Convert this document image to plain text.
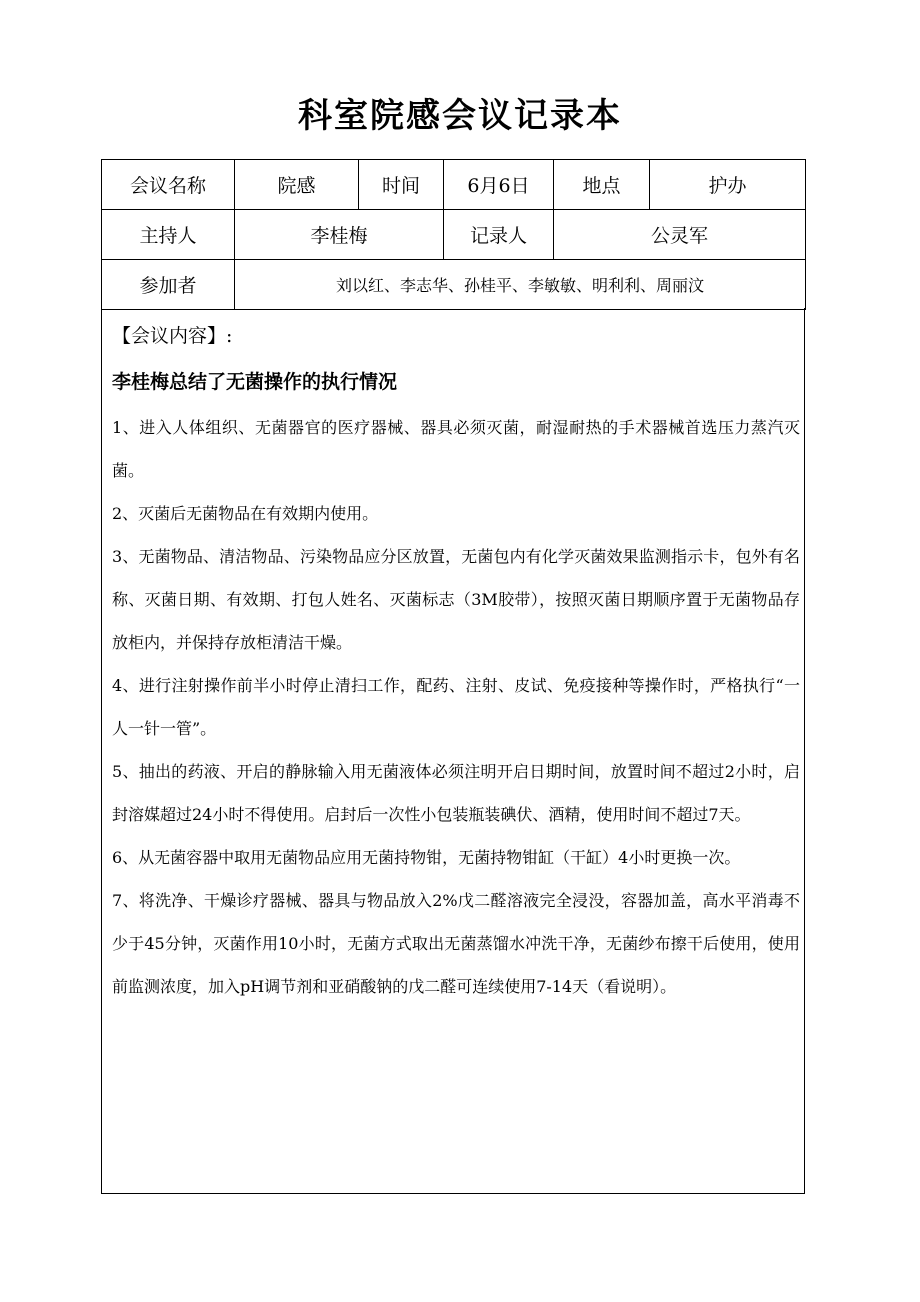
科室院感会议记录本
会议名称	院感	时间	6月6日	地点	护办
主持人	李桂梅		记录人	公灵军	
参加者	刘以红、李志华、孙桂平、李敏敏、明利利、周丽汶				
【会议内容】:
李桂梅总结了无菌操作的执行情况
1、进入人体组织、无菌器官的医疗器械、器具必须灭菌，耐湿耐热的手术器械首选压力蒸汽灭菌。
2、灭菌后无菌物品在有效期内使用。
3、无菌物品、清洁物品、污染物品应分区放置，无菌包内有化学灭菌效果监测指示卡，包外有名称、灭菌日期、有效期、打包人姓名、灭菌标志（3M胶带），按照灭菌日期顺序置于无菌物品存放柜内，并保持存放柜清洁干燥。
4、进行注射操作前半小时停止清扫工作，配药、注射、皮试、免疫接种等操作时，严格执行“一人一针一管”。
5、抽出的药液、开启的静脉输入用无菌液体必须注明开启日期时间，放置时间不超过2小时，启封溶媒超过24小时不得使用。启封后一次性小包装瓶装碘伏、酒精，使用时间不超过7天。
6、从无菌容器中取用无菌物品应用无菌持物钳，无菌持物钳缸（干缸）4小时更换一次。
7、将洗净、干燥诊疗器械、器具与物品放入2%戊二醛溶液完全浸没，容器加盖，高水平消毒不少于45分钟，灭菌作用10小时，无菌方式取出无菌蒸馏水冲洗干净，无菌纱布擦干后使用，使用前监测浓度，加入pH调节剂和亚硝酸钠的戊二醛可连续使用7-14天（看说明）。
